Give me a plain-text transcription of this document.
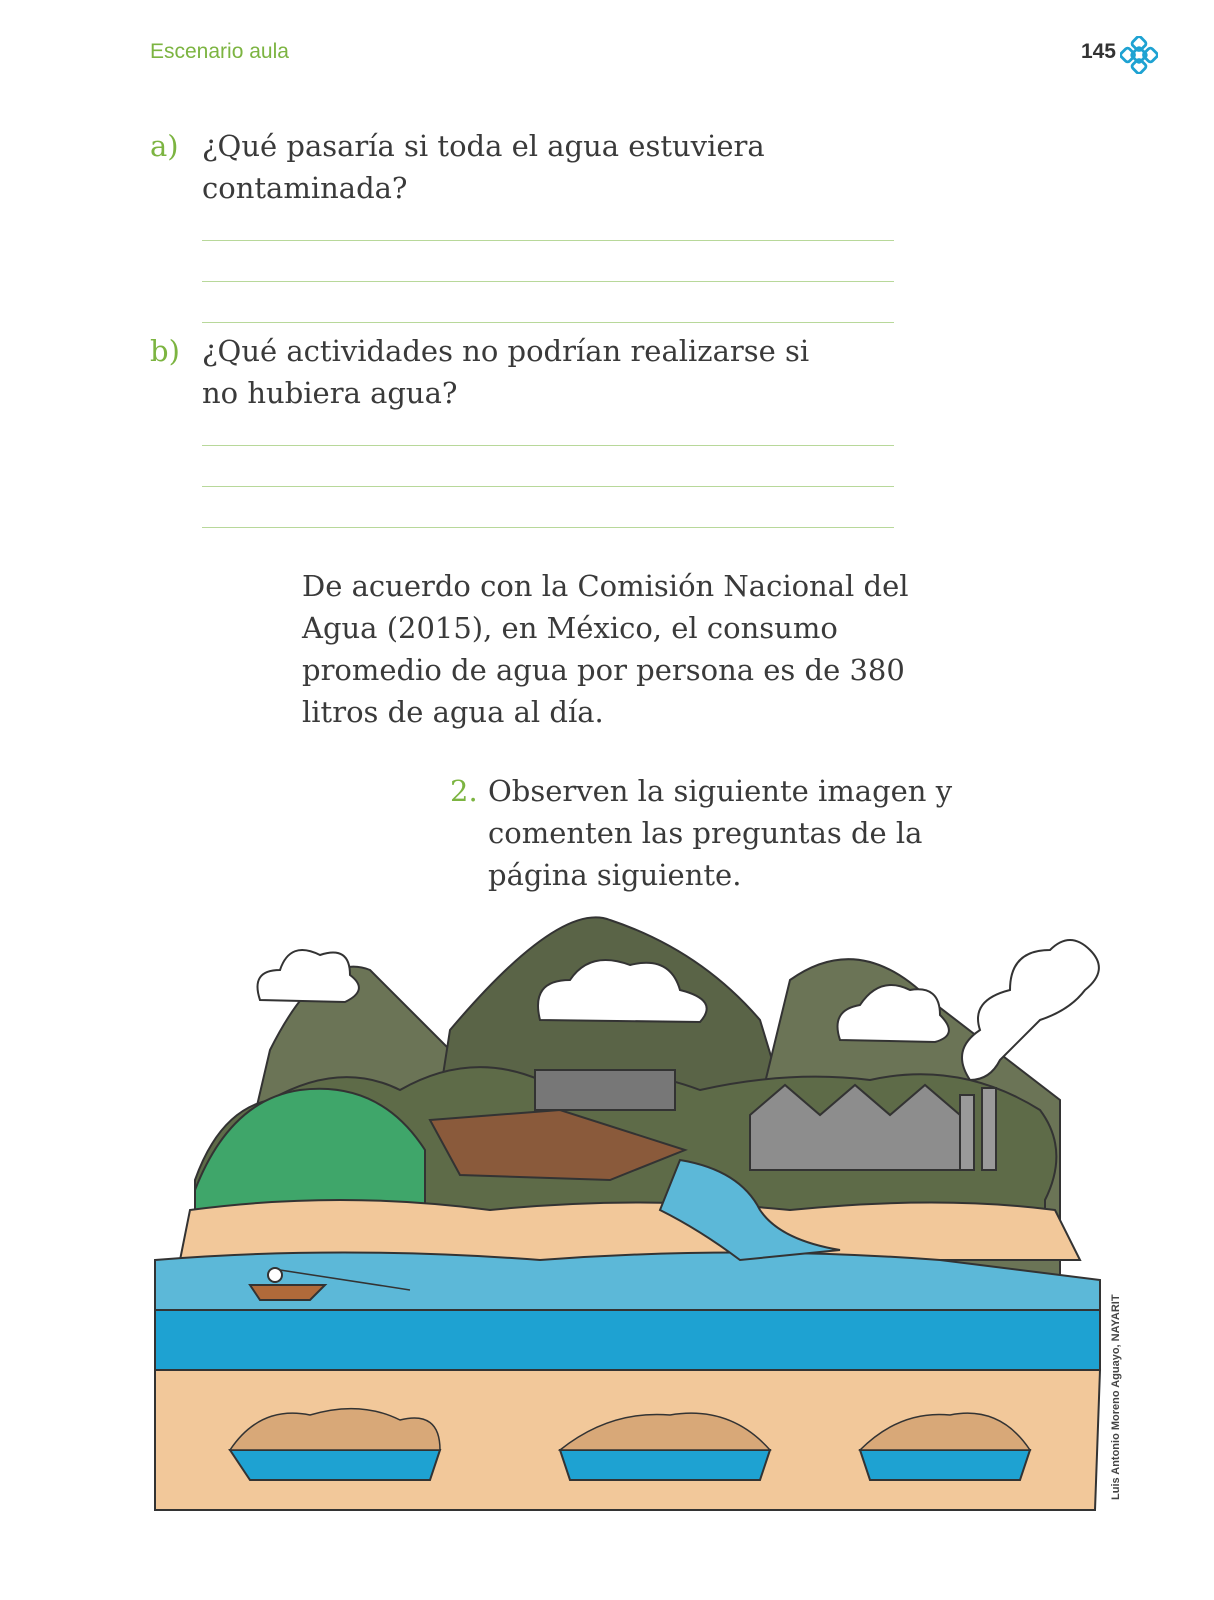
Escenario aula	145
a) ¿Qué pasaría si toda el agua estuviera contaminada?
b) ¿Qué actividades no podrían realizarse si no hubiera agua?
De acuerdo con la Comisión Nacional del Agua (2015), en México, el consumo promedio de agua por persona es de 380 litros de agua al día.
2. Observen la siguiente imagen y comenten las preguntas de la página siguiente.
Luis Antonio Moreno Aguayo, NAYARIT
